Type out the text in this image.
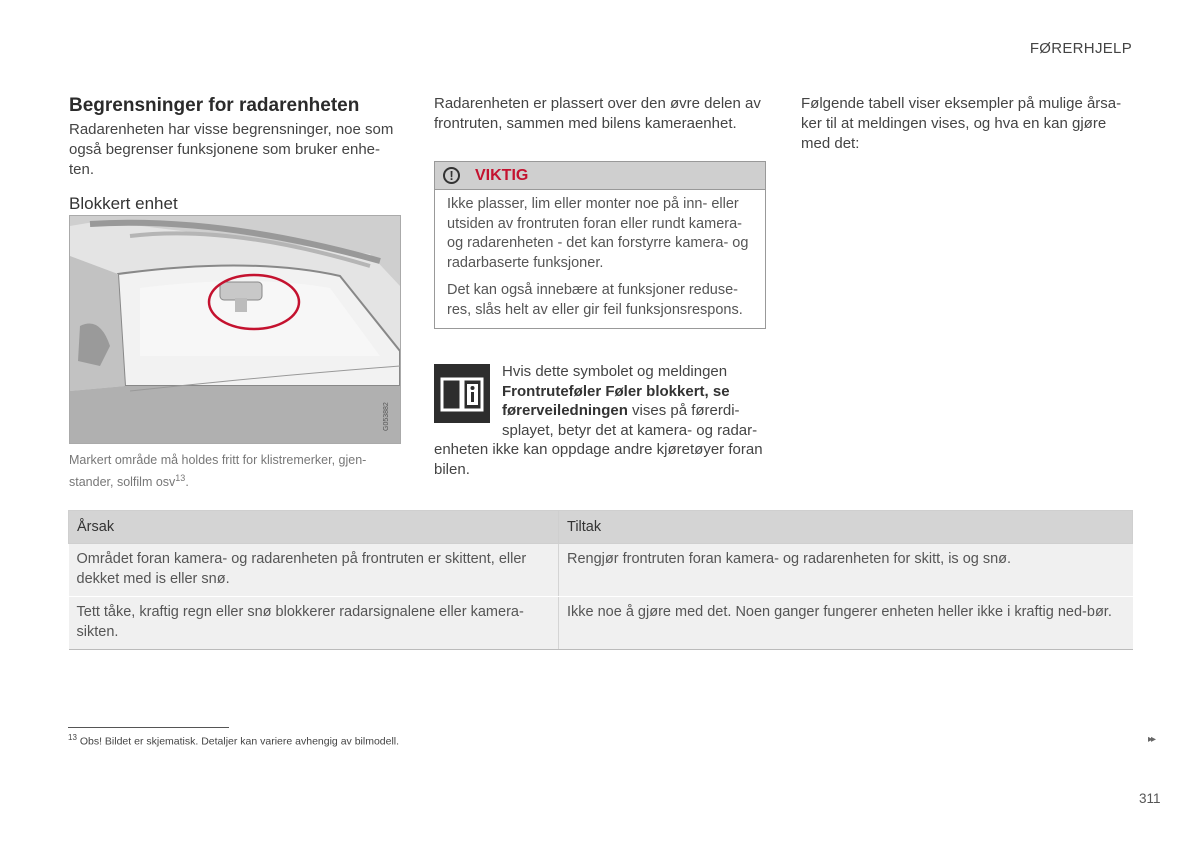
FØRERHJELP
Begrensninger for radarenheten

Radarenheten har visse begrensninger, noe som også begrenser funksjonene som bruker enhe-ten.

Blokkert enhet
G053882
Markert område må holdes fritt for klistremerker, gjen-stander, solfilm osv$^{13}$.

Radarenheten er plassert over den øvre delen av frontruten, sammen med bilens kameraenhet.

!	VIKTIG

Ikke plasser, lim eller monter noe på inn- eller utsiden av frontruten foran eller rundt kamera- og radarenheten - det kan forstyrre kamera- og radarbaserte funksjoner.

Det kan også innebære at funksjoner reduse-res, slås helt av eller gir feil funksjonsrespons.

Hvis dette symbolet og meldingen
Frontruteføler Føler blokkert, se
førerveiledningen vises på førerdi-
splayet, betyr det at kamera- og radar-
enheten ikke kan oppdage andre kjøretøyer foran bilen.

Følgende tabell viser eksempler på mulige årsa-ker til at meldingen vises, og hva en kan gjøre med det:

Årsak	Tiltak
Området foran kamera- og radarenheten på frontruten er skittent, eller dekket med is eller snø.	Rengjør frontruten foran kamera- og radarenheten for skitt, is og snø.
Tett tåke, kraftig regn eller snø blokkerer radarsignalene eller kamera-sikten.	Ikke noe å gjøre med det. Noen ganger fungerer enheten heller ikke i kraftig ned-bør.
$^{13}$ Obs! Bildet er skjematisk. Detaljer kan variere avhengig av bilmodell.	▸▸
311
